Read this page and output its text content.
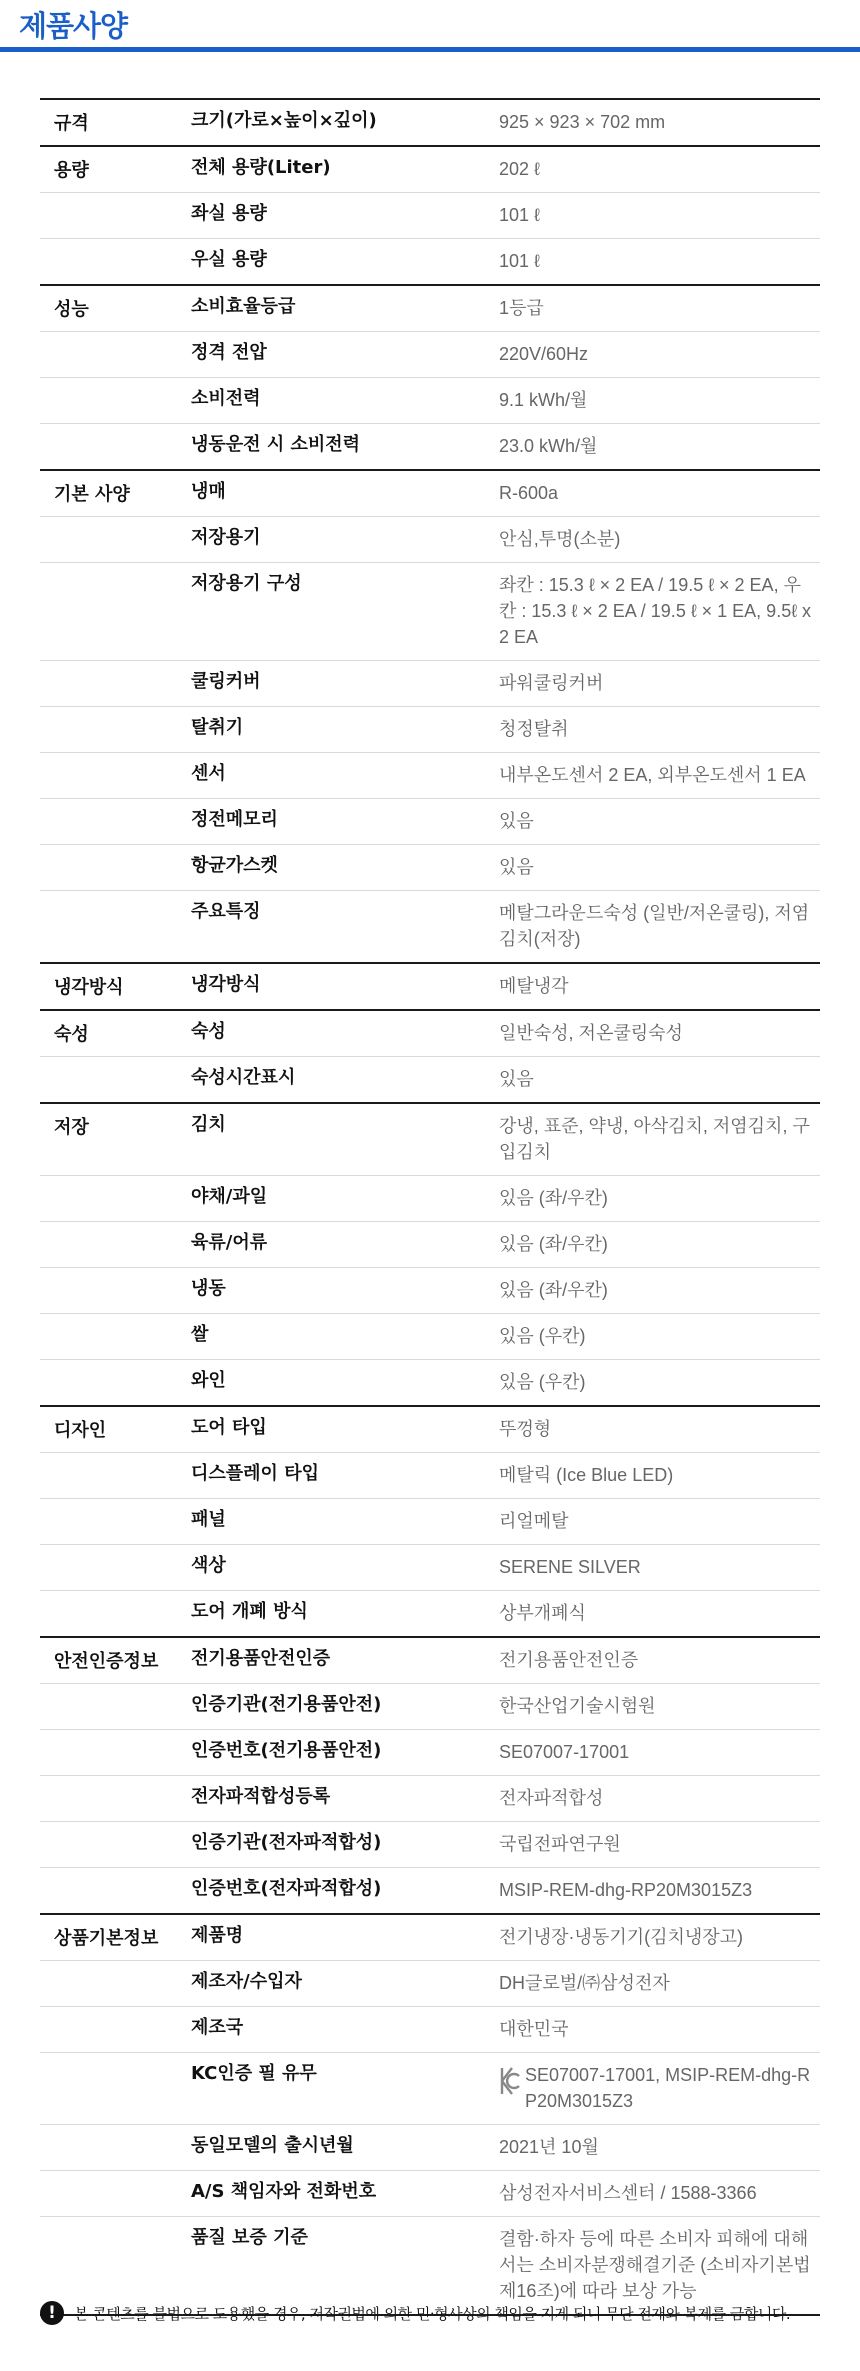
제품사양
규격	크기(가로×높이×깊이)	925 × 923 × 702 mm
용량	전체 용량(Liter)	202 ℓ
좌실 용량	101 ℓ
우실 용량	101 ℓ
성능	소비효율등급	1등급
정격 전압	220V/60Hz
소비전력	9.1 kWh/월
냉동운전 시 소비전력	23.0 kWh/월
기본 사양	냉매	R-600a
저장용기	안심,투명(소분)
저장용기 구성	좌칸 : 15.3 ℓ × 2 EA / 19.5 ℓ × 2 EA, 우칸 : 15.3 ℓ × 2 EA / 19.5 ℓ × 1 EA, 9.5ℓ x 2 EA
쿨링커버	파워쿨링커버
탈취기	청정탈취
센서	내부온도센서 2 EA, 외부온도센서 1 EA
정전메모리	있음
항균가스켓	있음
주요특징	메탈그라운드숙성 (일반/저온쿨링), 저염김치(저장)
냉각방식	냉각방식	메탈냉각
숙성	숙성	일반숙성, 저온쿨링숙성
숙성시간표시	있음
저장	김치	강냉, 표준, 약냉, 아삭김치, 저염김치, 구입김치
야채/과일	있음 (좌/우칸)
육류/어류	있음 (좌/우칸)
냉동	있음 (좌/우칸)
쌀	있음 (우칸)
와인	있음 (우칸)
디자인	도어 타입	뚜껑형
디스플레이 타입	메탈릭 (Ice Blue LED)
패널	리얼메탈
색상	SERENE SILVER
도어 개폐 방식	상부개폐식
안전인증정보	전기용품안전인증	전기용품안전인증
인증기관(전기용품안전)	한국산업기술시험원
인증번호(전기용품안전)	SE07007-17001
전자파적합성등록	전자파적합성
인증기관(전자파적합성)	국립전파연구원
인증번호(전자파적합성)	MSIP-REM-dhg-RP20M3015Z3
상품기본정보	제품명	전기냉장·냉동기기(김치냉장고)
제조자/수입자	DH글로벌/㈜삼성전자
제조국	대한민국
KC인증 필 유무	SE07007-17001, MSIP-REM-dhg-RP20M3015Z3
동일모델의 출시년월	2021년 10월
A/S 책임자와 전화번호	삼성전자서비스센터 / 1588-3366
품질 보증 기준	결함·하자 등에 따른 소비자 피해에 대해서는 소비자분쟁해결기준 (소비자기본법 제16조)에 따라 보상 가능
!	본 콘텐츠를 불법으로 도용했을 경우, 저작권법에 의한 민·형사상의 책임을 지게 되니 무단 전재와 복제를 금합니다.
